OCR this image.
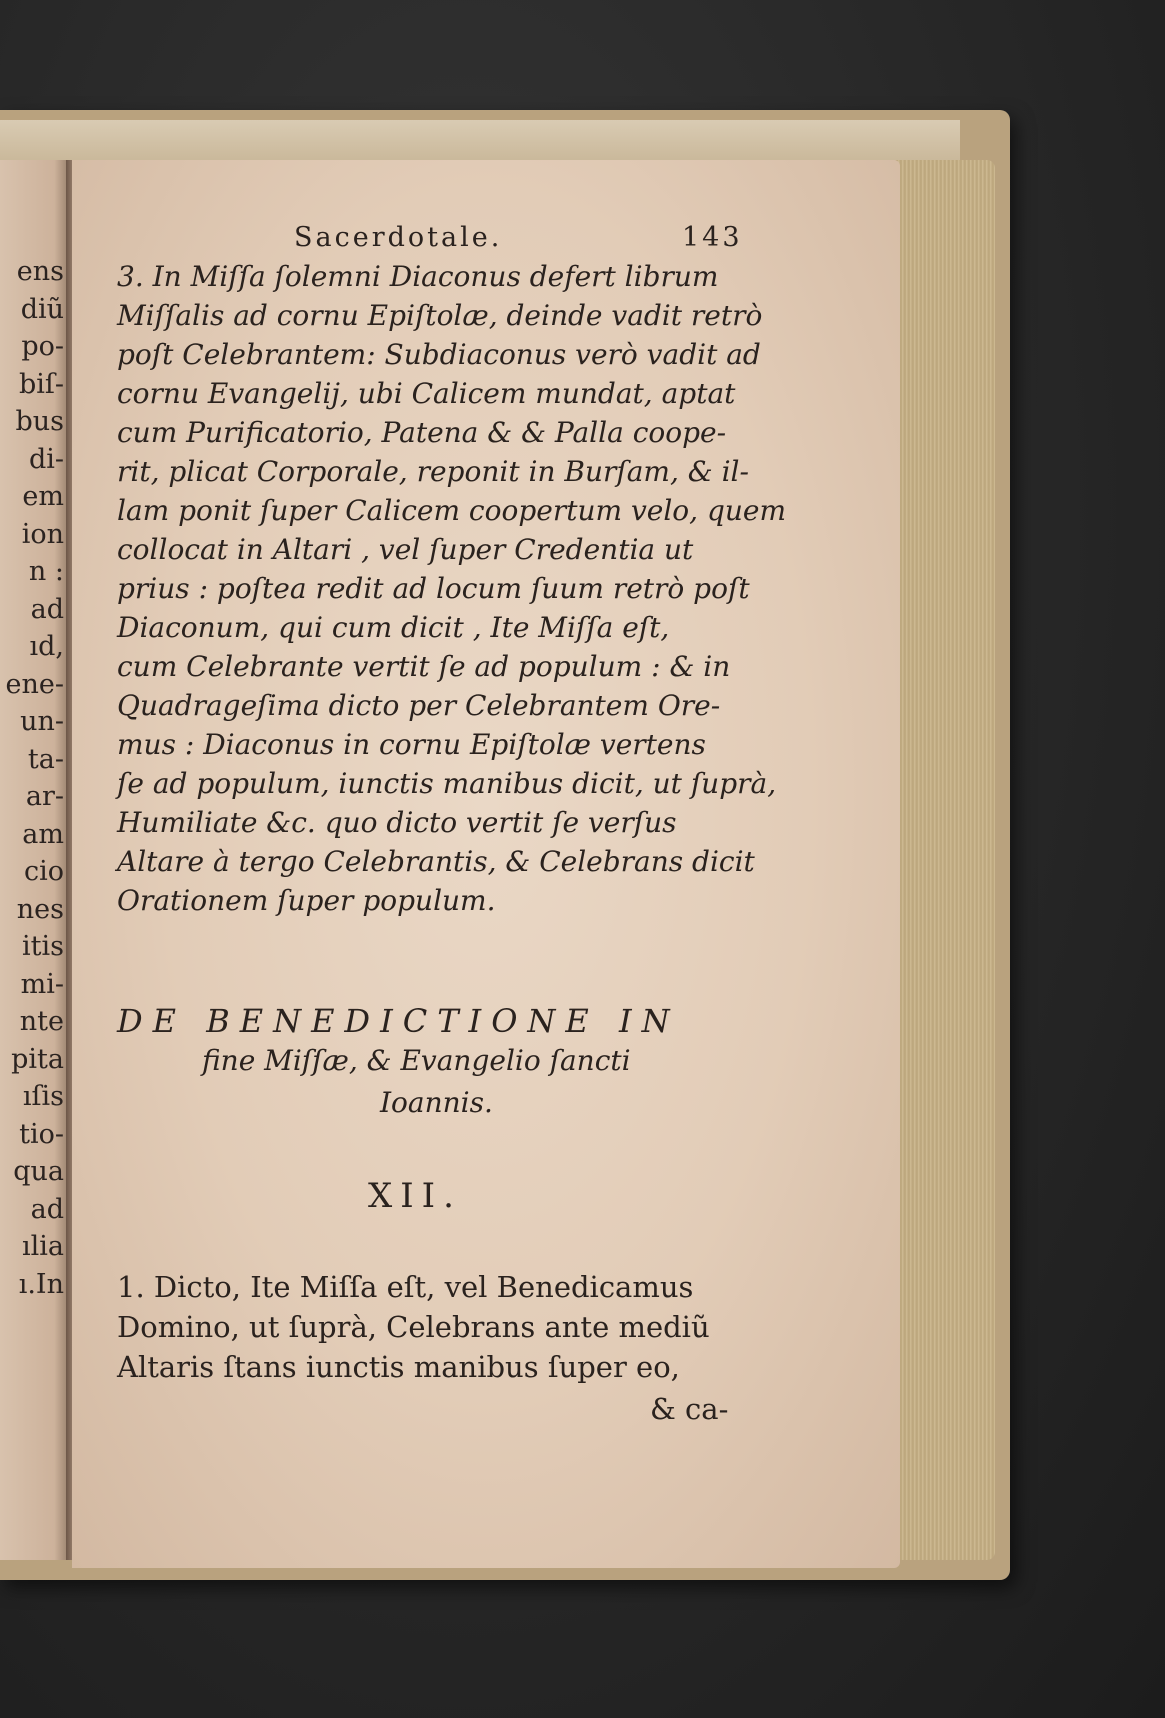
ens
diũ
po-
biſ-
bus
di-
em
ion
n :
ad
ıd,
ene-
un-
ta-
ar-
am
cio
nes
itis
mi-
nte
pita
ıſis
tio-
qua
ad
ılia
ı.In
Sacerdotale.	143
3. In Miſſa ſolemni Diaconus defert librum
Miſſalis ad cornu Epiſtolæ, deinde vadit retrò
poſt Celebrantem: Subdiaconus verò vadit ad
cornu Evangelij, ubi Calicem mundat, aptat
cum Purificatorio, Patena & & Palla coope-
rit, plicat Corporale, reponit in Burſam, & il-
lam ponit ſuper Calicem coopertum velo, quem
collocat in Altari , vel ſuper Credentia ut
prius : poſtea redit ad locum ſuum retrò poſt
Diaconum, qui cum dicit , Ite Miſſa eſt,
cum Celebrante vertit ſe ad populum : & in
Quadrageſima dicto per Celebrantem Ore-
mus : Diaconus in cornu Epiſtolæ vertens
ſe ad populum, iunctis manibus dicit, ut ſuprà,
Humiliate &c. quo dicto vertit ſe verſus
Altare à tergo Celebrantis, & Celebrans dicit
Orationem ſuper populum.
DE BENEDICTIONE IN
fine Miſſæ, & Evangelio ſancti
Ioannis.
XII.
1. Dicto, Ite Miſſa eſt, vel Benedicamus
Domino, ut ſuprà, Celebrans ante mediũ
Altaris ſtans iunctis manibus ſuper eo,
& ca-
